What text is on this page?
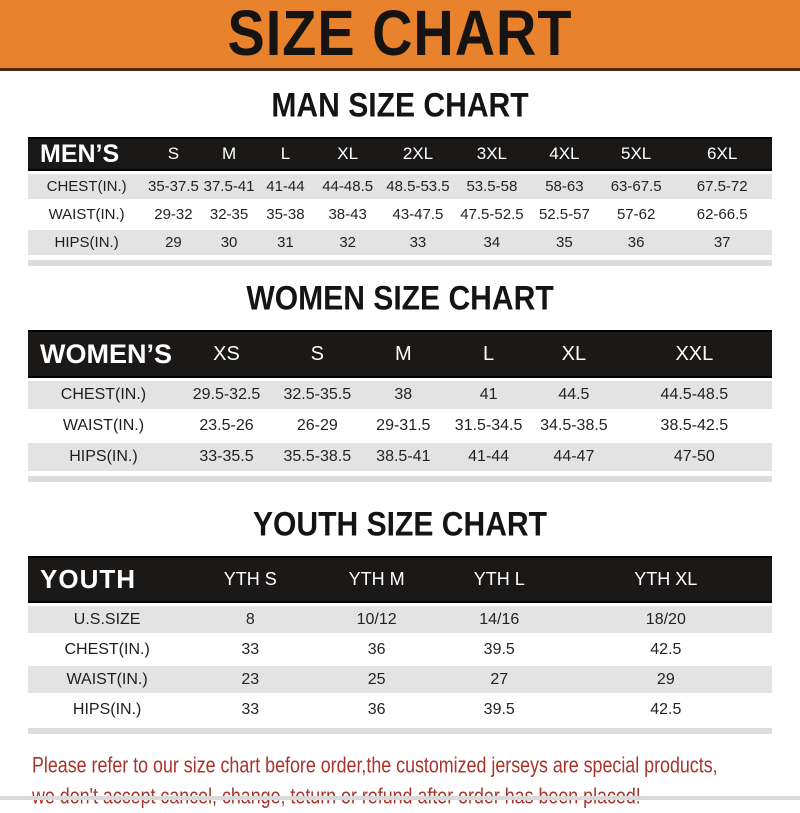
SIZE CHART
MAN SIZE CHART
MEN’S	S	M	L	XL	2XL	3XL	4XL	5XL	6XL
CHEST(IN.)	35-37.5	37.5-41	41-44	44-48.5	48.5-53.5	53.5-58	58-63	63-67.5	67.5-72
WAIST(IN.)	29-32	32-35	35-38	38-43	43-47.5	47.5-52.5	52.5-57	57-62	62-66.5
HIPS(IN.)	29	30	31	32	33	34	35	36	37
WOMEN SIZE CHART
WOMEN’S	XS	S	M	L	XL	XXL
CHEST(IN.)	29.5-32.5	32.5-35.5	38	41	44.5	44.5-48.5
WAIST(IN.)	23.5-26	26-29	29-31.5	31.5-34.5	34.5-38.5	38.5-42.5
HIPS(IN.)	33-35.5	35.5-38.5	38.5-41	41-44	44-47	47-50
YOUTH SIZE CHART
YOUTH	YTH S	YTH M	YTH L	YTH XL
U.S.SIZE	8	10/12	14/16	18/20
CHEST(IN.)	33	36	39.5	42.5
WAIST(IN.)	23	25	27	29
HIPS(IN.)	33	36	39.5	42.5

Please refer to our size chart before order,the customized jerseys are special products,
